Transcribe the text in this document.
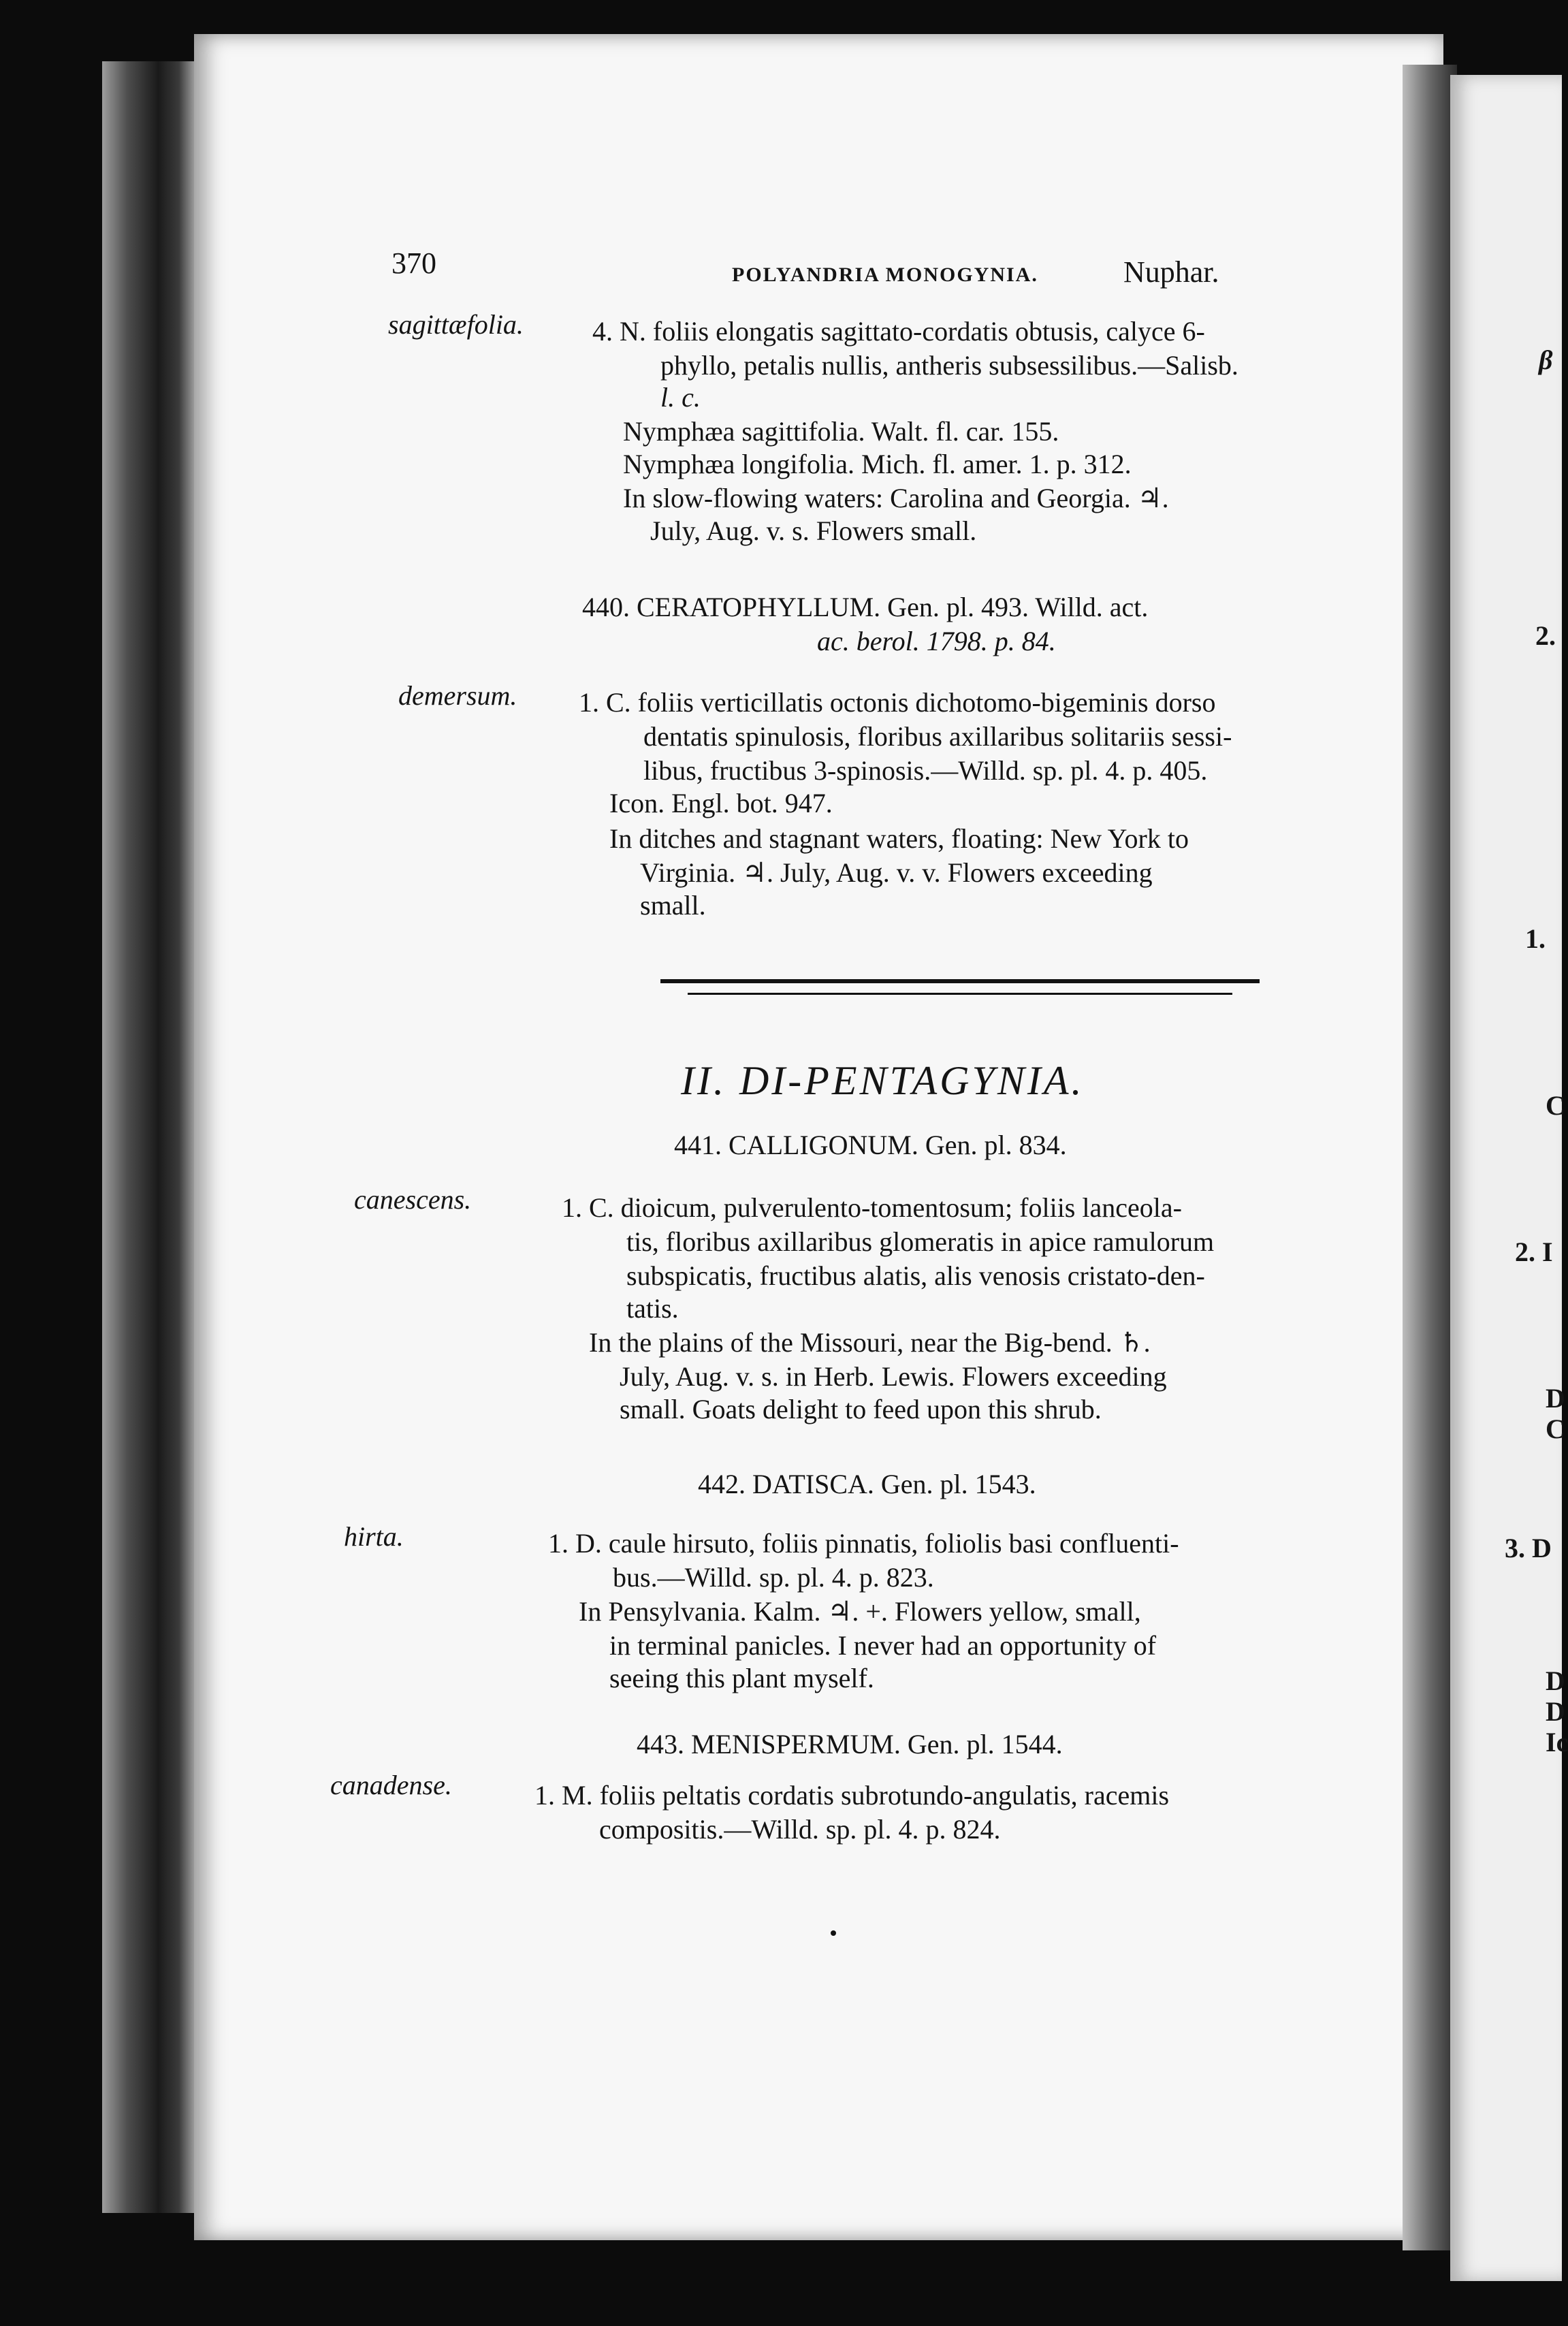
β
2.
1.
C
2. I
D
C
3. D
D
D
Ic
370	POLYANDRIA MONOGYNIA.	Nuphar.
sagittæfolia.	4. N. foliis elongatis sagittato-cordatis obtusis, calyce 6-
phyllo, petalis nullis, antheris subsessilibus.—Salisb.
l. c.
Nymphæa sagittifolia. Walt. fl. car. 155.
Nymphæa longifolia. Mich. fl. amer. 1. p. 312.
In slow-flowing waters: Carolina and Georgia. ♃.
July, Aug. v. s. Flowers small.
440. CERATOPHYLLUM. Gen. pl. 493. Willd. act.
ac. berol. 1798. p. 84.
demersum. 1. C. foliis verticillatis octonis dichotomo-bigeminis dorso
dentatis spinulosis, floribus axillaribus solitariis sessi-
libus, fructibus 3-spinosis.—Willd. sp. pl. 4. p. 405.
Icon. Engl. bot. 947.
In ditches and stagnant waters, floating: New York to
Virginia. ♃. July, Aug. v. v. Flowers exceeding
small.
II. DI-PENTAGYNIA.
441. CALLIGONUM. Gen. pl. 834.
canescens.	1. C. dioicum, pulverulento-tomentosum; foliis lanceola-
tis, floribus axillaribus glomeratis in apice ramulorum
subspicatis, fructibus alatis, alis venosis cristato-den-
tatis.
In the plains of the Missouri, near the Big-bend. ♄.
July, Aug. v. s. in Herb. Lewis. Flowers exceeding
small. Goats delight to feed upon this shrub.
442. DATISCA. Gen. pl. 1543.
hirta.	1. D. caule hirsuto, foliis pinnatis, foliolis basi confluenti-
bus.—Willd. sp. pl. 4. p. 823.
In Pensylvania. Kalm. ♃. +. Flowers yellow, small,
in terminal panicles. I never had an opportunity of
seeing this plant myself.
443. MENISPERMUM. Gen. pl. 1544.
canadense.	1. M. foliis peltatis cordatis subrotundo-angulatis, racemis
compositis.—Willd. sp. pl. 4. p. 824.
